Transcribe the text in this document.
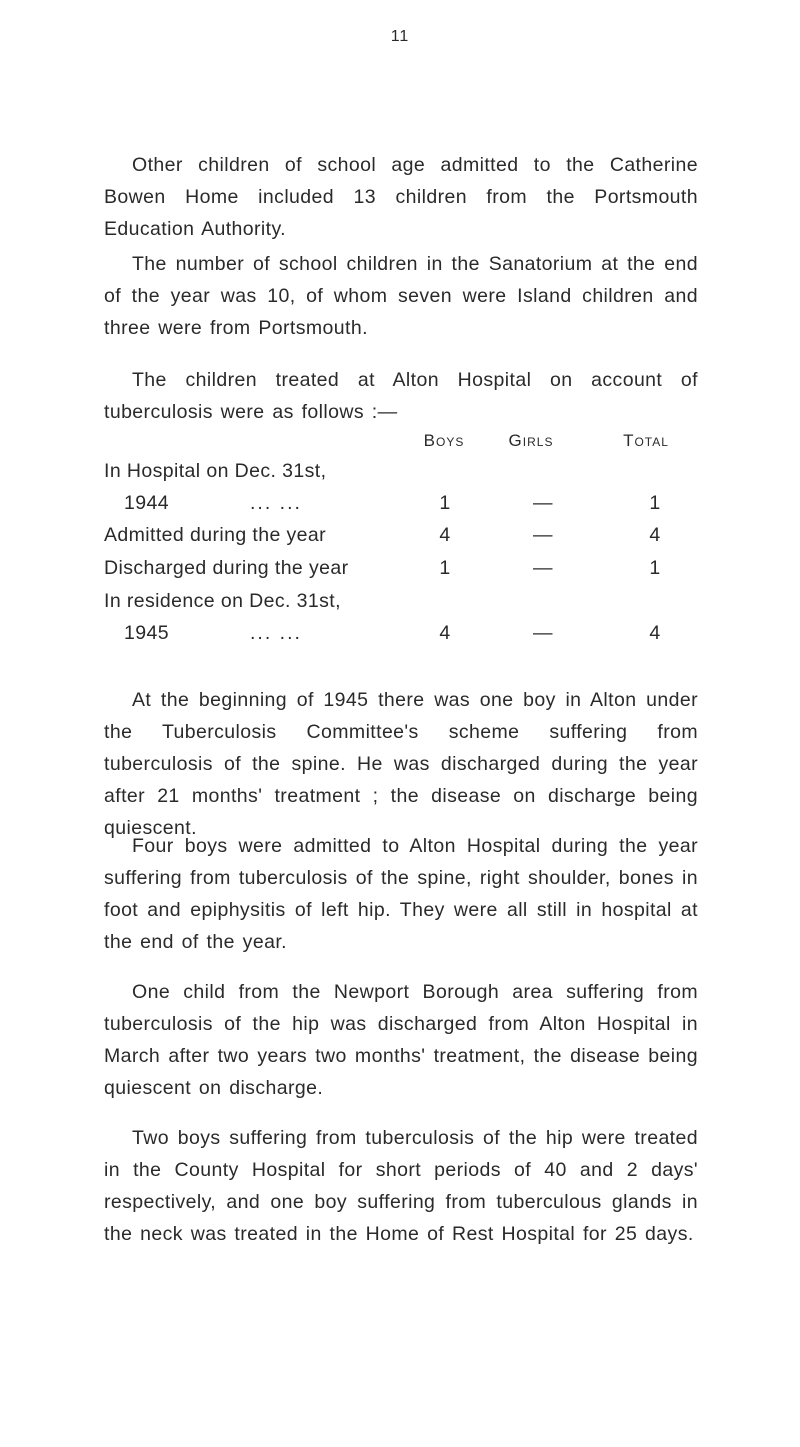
11

Other children of school age admitted to the Catherine Bowen Home included 13 children from the Portsmouth Education Authority.

The number of school children in the Sanatorium at the end of the year was 10, of whom seven were Island children and three were from Portsmouth.

The children treated at Alton Hospital on account of tuberculosis were as follows :—

Boys	Girls	Total
In Hospital on Dec. 31st,
1944	... ...	1	—	1
Admitted during the year	4	—	4
Discharged during the year	1	—	1
In residence on Dec. 31st,
1945	... ...	4	—	4

At the beginning of 1945 there was one boy in Alton under the Tuberculosis Committee's scheme suffering from tuberculosis of the spine. He was discharged during the year after 21 months' treatment ; the disease on discharge being quiescent.

Four boys were admitted to Alton Hospital during the year suffering from tuberculosis of the spine, right shoulder, bones in foot and epiphysitis of left hip. They were all still in hospital at the end of the year.

One child from the Newport Borough area suffering from tuberculosis of the hip was discharged from Alton Hospital in March after two years two months' treatment, the disease being quiescent on discharge.

Two boys suffering from tuberculosis of the hip were treated in the County Hospital for short periods of 40 and 2 days' respectively, and one boy suffering from tuberculous glands in the neck was treated in the Home of Rest Hospital for 25 days.
